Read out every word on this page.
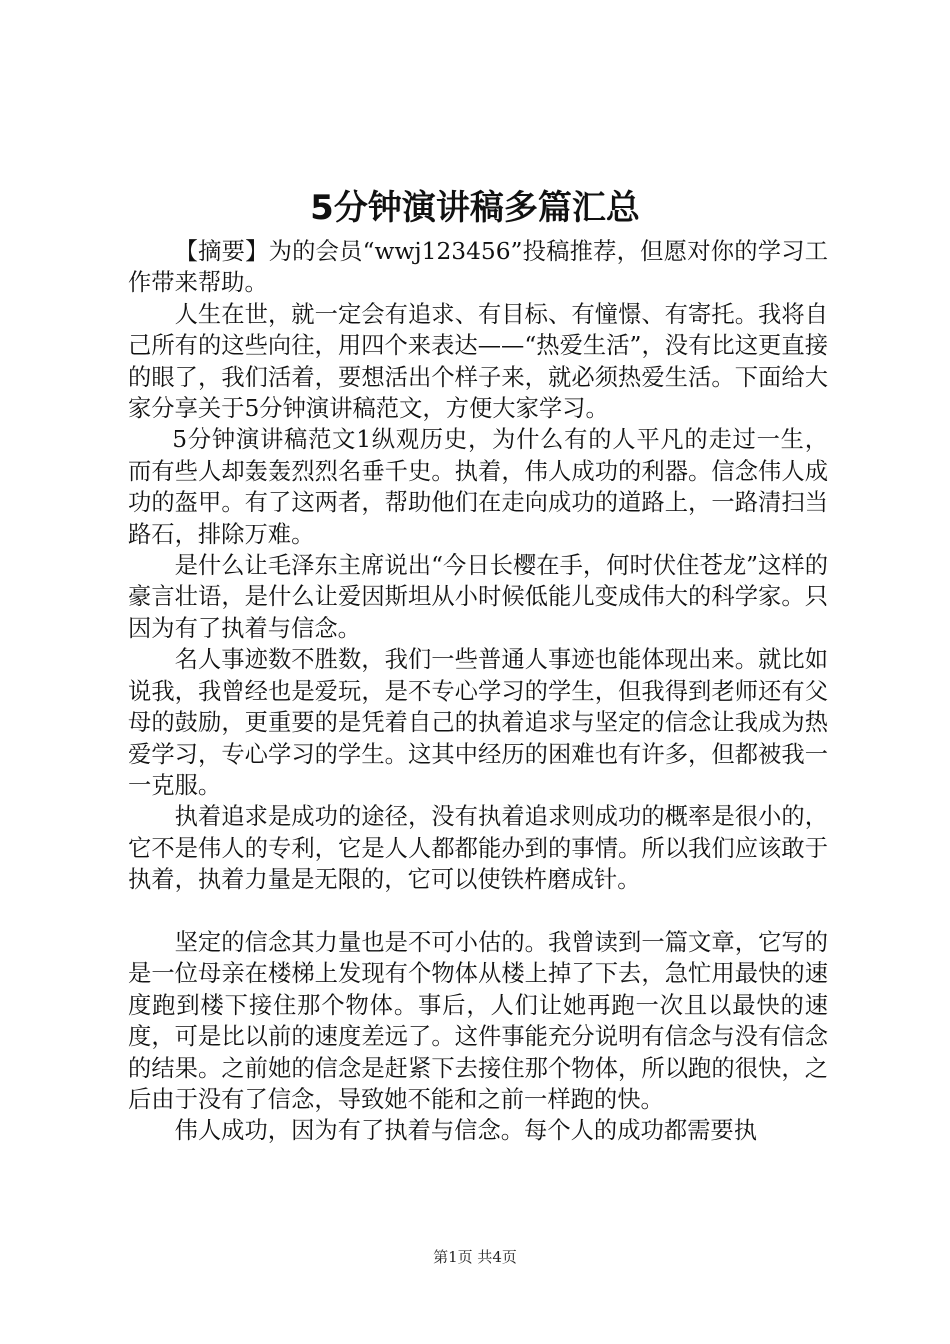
5分钟演讲稿多篇汇总

【摘要】为的会员“wwj123456”投稿推荐，但愿对你的学习工作带来帮助。

人生在世，就一定会有追求、有目标、有憧憬、有寄托。我将自己所有的这些向往，用四个来表达——“热爱生活”，没有比这更直接的眼了，我们活着，要想活出个样子来，就必须热爱生活。下面给大家分享关于5分钟演讲稿范文，方便大家学习。

5分钟演讲稿范文1纵观历史，为什么有的人平凡的走过一生，而有些人却轰轰烈烈名垂千史。执着，伟人成功的利器。信念伟人成功的盔甲。有了这两者，帮助他们在走向成功的道路上，一路清扫当路石，排除万难。

是什么让毛泽东主席说出“今日长樱在手，何时伏住苍龙”这样的豪言壮语，是什么让爱因斯坦从小时候低能儿变成伟大的科学家。只因为有了执着与信念。

名人事迹数不胜数，我们一些普通人事迹也能体现出来。就比如说我，我曾经也是爱玩，是不专心学习的学生，但我得到老师还有父母的鼓励，更重要的是凭着自己的执着追求与坚定的信念让我成为热爱学习，专心学习的学生。这其中经历的困难也有许多，但都被我一一克服。

执着追求是成功的途径，没有执着追求则成功的概率是很小的，它不是伟人的专利，它是人人都都能办到的事情。所以我们应该敢于执着，执着力量是无限的，它可以使铁杵磨成针。

坚定的信念其力量也是不可小估的。我曾读到一篇文章，它写的是一位母亲在楼梯上发现有个物体从楼上掉了下去，急忙用最快的速度跑到楼下接住那个物体。事后，人们让她再跑一次且以最快的速度，可是比以前的速度差远了。这件事能充分说明有信念与没有信念的结果。之前她的信念是赶紧下去接住那个物体，所以跑的很快，之后由于没有了信念，导致她不能和之前一样跑的快。

伟人成功，因为有了执着与信念。每个人的成功都需要执

第1页 共4页
